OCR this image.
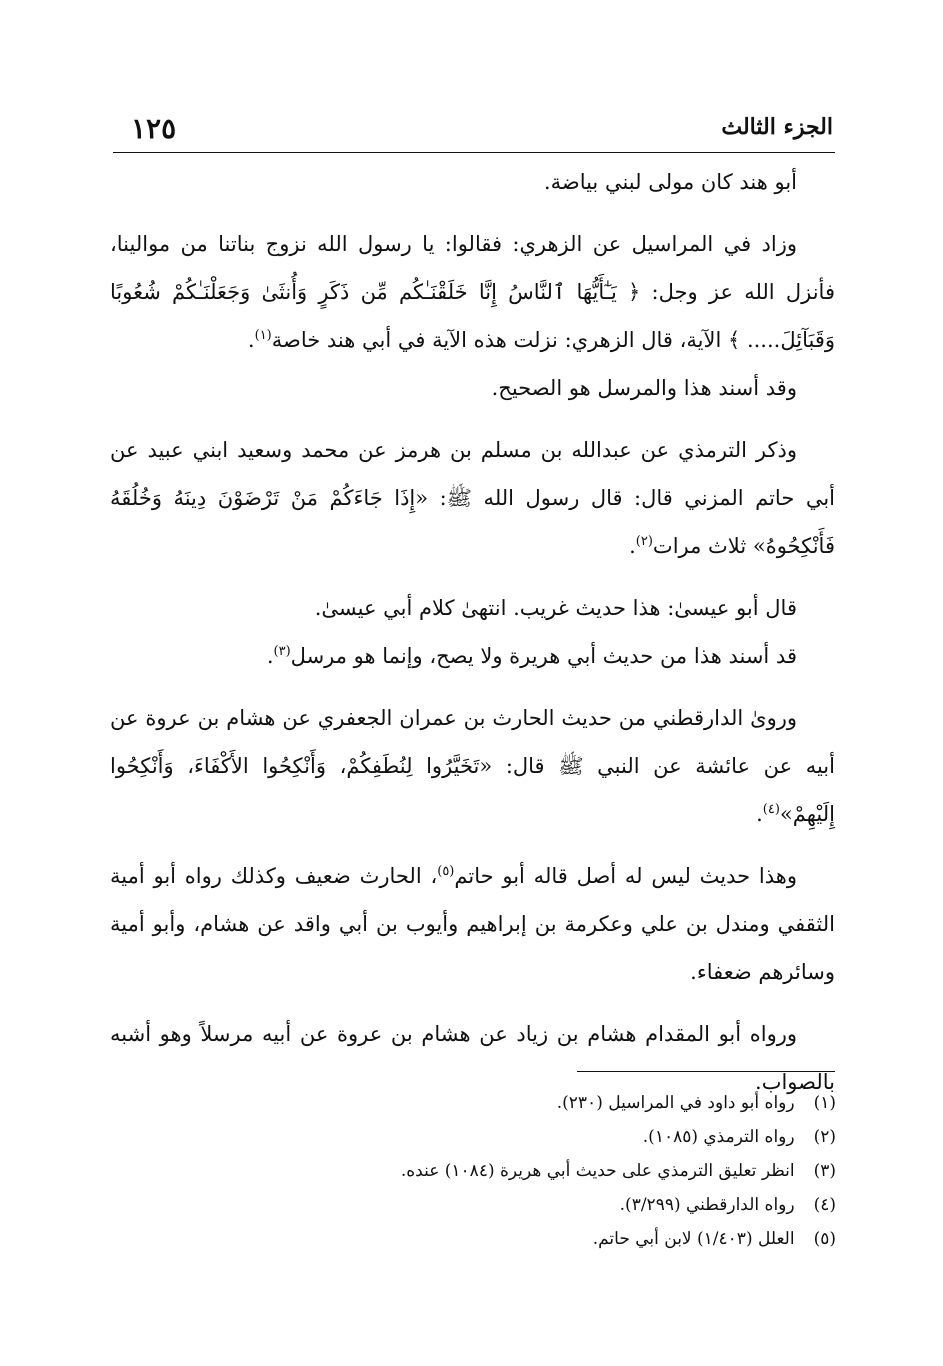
١٢٥	الجزء الثالث

أبو هند كان مولى لبني بياضة.

وزاد في المراسيل عن الزهري: فقالوا: يا رسول الله نزوج بناتنا من موالينا، فأنزل الله عز وجل: ﴿ يَـٰٓأَيُّهَا ٱلنَّاسُ إِنَّا خَلَقْنَـٰكُم مِّن ذَكَرٍ وَأُنثَىٰ وَجَعَلْنَـٰكُمْ شُعُوبًا وَقَبَآئِلَ..... ﴾ الآية، قال الزهري: نزلت هذه الآية في أبي هند خاصة$^{(١)}$.

وقد أسند هذا والمرسل هو الصحيح.

وذكر الترمذي عن عبدالله بن مسلم بن هرمز عن محمد وسعيد ابني عبيد عن أبي حاتم المزني قال: قال رسول الله ﷺ: «إِذَا جَاءَكُمْ مَنْ تَرْضَوْنَ دِينَهُ وَخُلُقَهُ فَأَنْكِحُوهُ» ثلاث مرات$^{(٢)}$.

قال أبو عيسىٰ: هذا حديث غريب. انتهىٰ كلام أبي عيسىٰ.

قد أسند هذا من حديث أبي هريرة ولا يصح، وإنما هو مرسل$^{(٣)}$.

ورویٰ الدارقطني من حديث الحارث بن عمران الجعفري عن هشام بن عروة عن أبيه عن عائشة عن النبي ﷺ قال: «تَخَيَّرُوا لِنُطَفِكُمْ، وَأَنْكِحُوا الأَكْفَاءَ، وَأَنْكِحُوا إِلَيْهِمْ»$^{(٤)}$.

وهذا حديث ليس له أصل قاله أبو حاتم$^{(٥)}$، الحارث ضعيف وكذلك رواه أبو أمية الثقفي ومندل بن علي وعكرمة بن إبراهيم وأيوب بن أبي واقد عن هشام، وأبو أمية وسائرهم ضعفاء.

ورواه أبو المقدام هشام بن زياد عن هشام بن عروة عن أبيه مرسلاً وهو أشبه بالصواب.

(١) رواه أبو داود في المراسيل (٢٣٠).
(٢) رواه الترمذي (١٠٨٥).
(٣) انظر تعليق الترمذي على حديث أبي هريرة (١٠٨٤) عنده.
(٤) رواه الدارقطني (٣/٢٩٩).
(٥) العلل (١/٤٠٣) لابن أبي حاتم.
